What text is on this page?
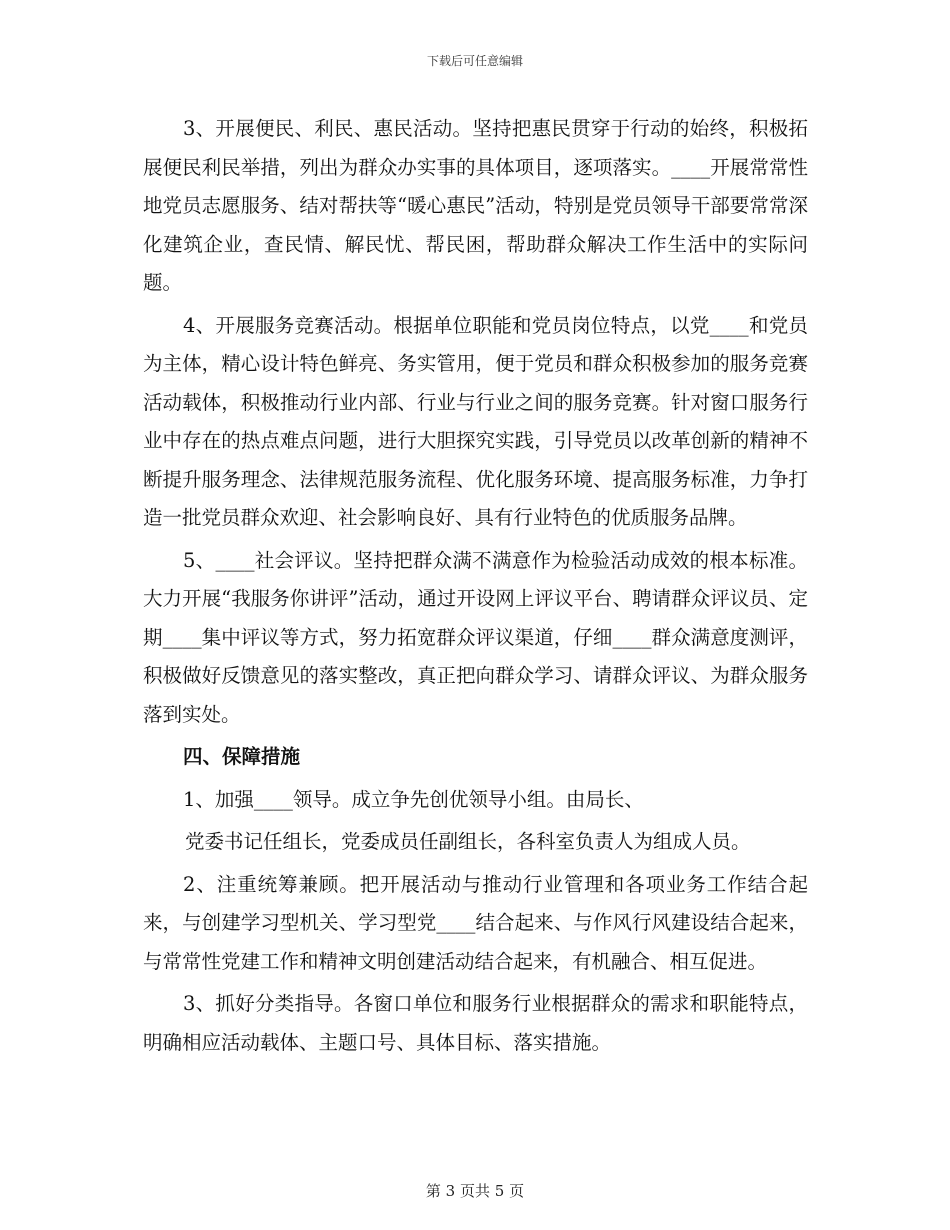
下载后可任意编辑

3、开展便民、利民、惠民活动。坚持把惠民贯穿于行动的始终，积极拓展便民利民举措，列出为群众办实事的具体项目，逐项落实。____开展常常性地党员志愿服务、结对帮扶等“暖心惠民”活动，特别是党员领导干部要常常深化建筑企业，查民情、解民忧、帮民困，帮助群众解决工作生活中的实际问题。

4、开展服务竞赛活动。根据单位职能和党员岗位特点，以党____和党员为主体，精心设计特色鲜亮、务实管用，便于党员和群众积极参加的服务竞赛活动载体，积极推动行业内部、行业与行业之间的服务竞赛。针对窗口服务行业中存在的热点难点问题，进行大胆探究实践，引导党员以改革创新的精神不断提升服务理念、法律规范服务流程、优化服务环境、提高服务标准，力争打造一批党员群众欢迎、社会影响良好、具有行业特色的优质服务品牌。

5、____社会评议。坚持把群众满不满意作为检验活动成效的根本标准。大力开展“我服务你讲评”活动，通过开设网上评议平台、聘请群众评议员、定期____集中评议等方式，努力拓宽群众评议渠道，仔细____群众满意度测评，积极做好反馈意见的落实整改，真正把向群众学习、请群众评议、为群众服务落到实处。

四、保障措施

1、加强____领导。成立争先创优领导小组。由局长、

党委书记任组长，党委成员任副组长，各科室负责人为组成人员。

2、注重统筹兼顾。把开展活动与推动行业管理和各项业务工作结合起来，与创建学习型机关、学习型党____结合起来、与作风行风建设结合起来，与常常性党建工作和精神文明创建活动结合起来，有机融合、相互促进。

3、抓好分类指导。各窗口单位和服务行业根据群众的需求和职能特点，明确相应活动载体、主题口号、具体目标、落实措施。

第 3 页共 5 页
